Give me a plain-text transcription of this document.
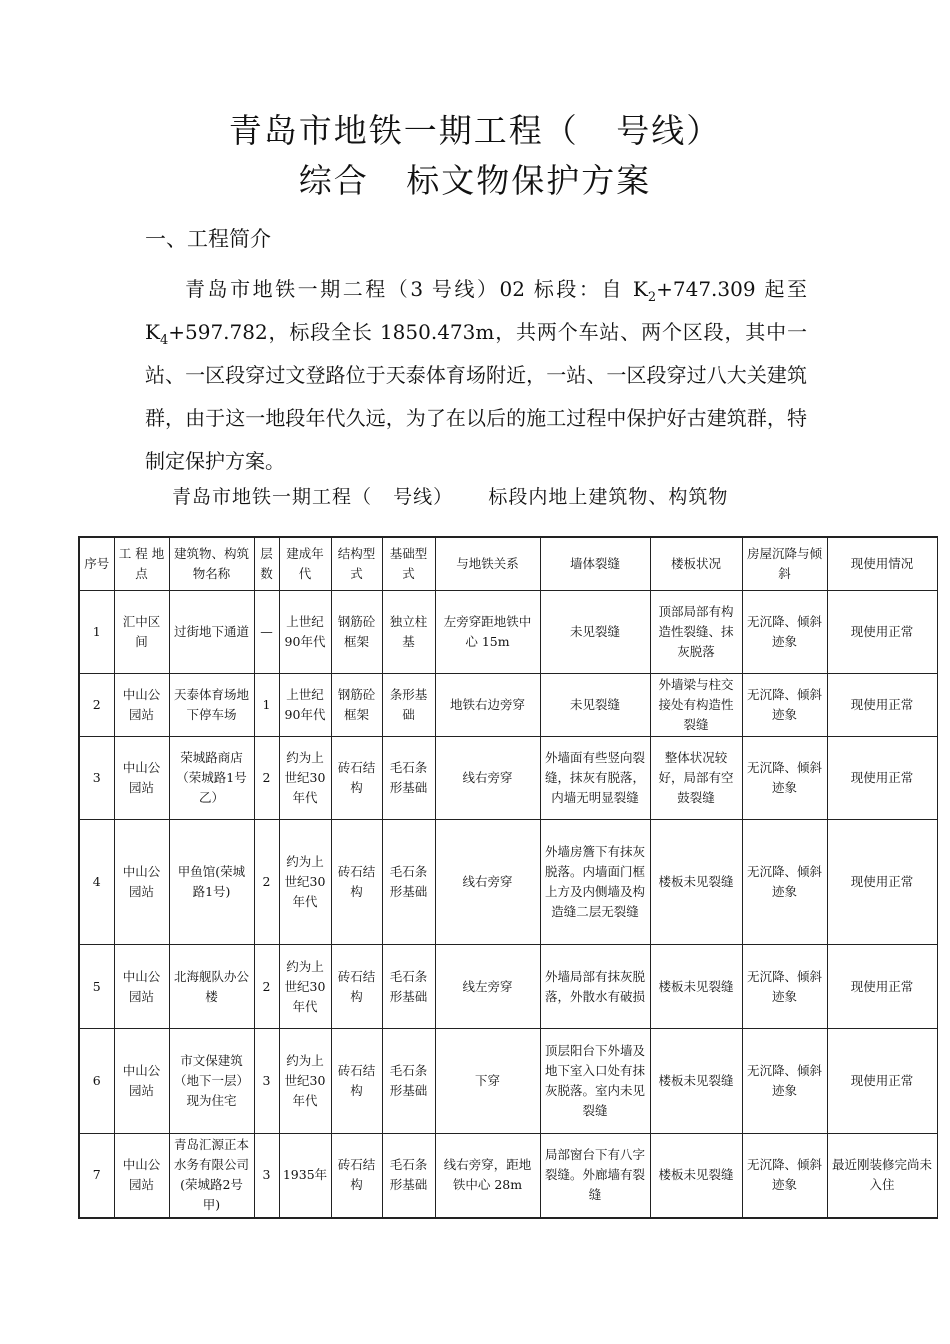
青岛市地铁一期工程（   号线）
综合   标文物保护方案
一、工程简介

青岛市地铁一期二程（3 号线）02 标段：自 $K_2+747.309$ 起至 $K_4+597.782$，标段全长 1850.473m，共两个车站、两个区段，其中一站、一区段穿过文登路位于天泰体育场附近，一站、一区段穿过八大关建筑群，由于这一地段年代久远，为了在以后的施工过程中保护好古建筑群，特制定保护方案。

青岛市地铁一期工程（   号线）     标段内地上建筑物、构筑物
序号	工 程 地 点	建筑物、构筑物名称	层数	建成年代	结构型式	基础型式	与地铁关系	墙体裂缝	楼板状况	房屋沉降与倾斜	现使用情况
1	汇中区间	过街地下通道	—	上世纪90年代	钢筋砼框架	独立柱基	左旁穿距地铁中心 15m	未见裂缝	顶部局部有构造性裂缝、抹灰脱落	无沉降、倾斜迹象	现使用正常
2	中山公园站	天泰体育场地下停车场	1	上世纪90年代	钢筋砼框架	条形基础	地铁右边旁穿	未见裂缝	外墙梁与柱交接处有构造性裂缝	无沉降、倾斜迹象	现使用正常
3	中山公园站	荣城路商店（荣城路1号乙）	2	约为上世纪30年代	砖石结构	毛石条形基础	线右旁穿	外墙面有些竖向裂缝，抹灰有脱落，内墙无明显裂缝	整体状况较好，局部有空鼓裂缝	无沉降、倾斜迹象	现使用正常
4	中山公园站	甲鱼馆(荣城路1号)	2	约为上世纪30年代	砖石结构	毛石条形基础	线右旁穿	外墙房簷下有抹灰脱落。内墙面门框上方及内侧墙及构造缝二层无裂缝	楼板未见裂缝	无沉降、倾斜迹象	现使用正常
5	中山公园站	北海舰队办公楼	2	约为上世纪30年代	砖石结构	毛石条形基础	线左旁穿	外墙局部有抹灰脱落，外散水有破损	楼板未见裂缝	无沉降、倾斜迹象	现使用正常
6	中山公园站	市文保建筑（地下一层）现为住宅	3	约为上世纪30年代	砖石结构	毛石条形基础	下穿	顶层阳台下外墙及地下室入口处有抹灰脱落。室内未见裂缝	楼板未见裂缝	无沉降、倾斜迹象	现使用正常
7	中山公园站	青岛汇源正本水务有限公司(荣城路2号甲)	3	1935年	砖石结构	毛石条形基础	线右旁穿，距地铁中心 28m	局部窗台下有八字裂缝。外廊墙有裂缝	楼板未见裂缝	无沉降、倾斜迹象	最近刚装修完尚未入住
